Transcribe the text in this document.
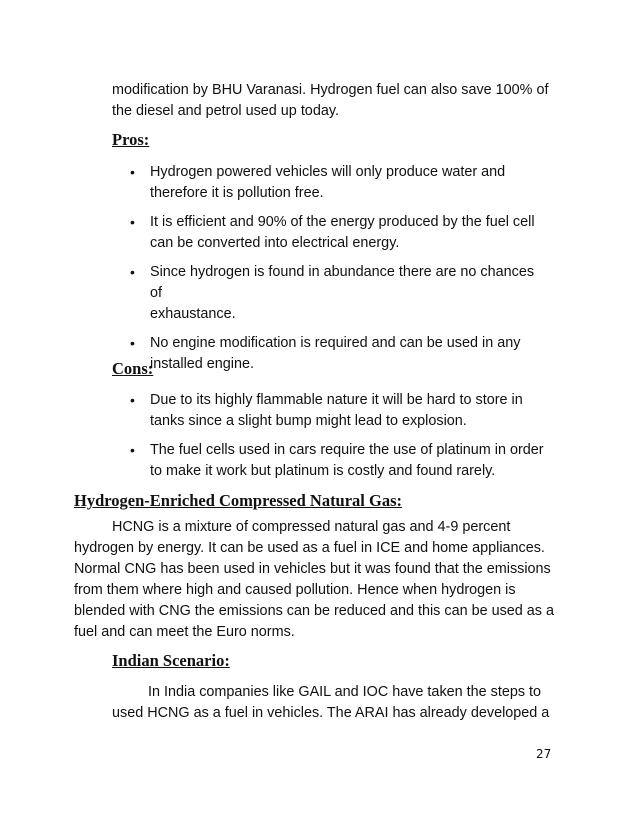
modification by BHU Varanasi. Hydrogen fuel can also save 100% of
the diesel and petrol used up today.
Pros:
• Hydrogen powered vehicles will only produce water and
therefore it is pollution free.
• It is efficient and 90% of the energy produced by the fuel cell
can be converted into electrical energy.
• Since hydrogen is found in abundance there are no chances of
exhaustance.
• No engine modification is required and can be used in any
installed engine.
Cons:
• Due to its highly flammable nature it will be hard to store in
tanks since a slight bump might lead to explosion.
• The fuel cells used in cars require the use of platinum in order
to make it work but platinum is costly and found rarely.
Hydrogen-Enriched Compressed Natural Gas:
HCNG is a mixture of compressed natural gas and 4-9 percent
hydrogen by energy. It can be used as a fuel in ICE and home appliances.
Normal CNG has been used in vehicles but it was found that the emissions
from them where high and caused pollution. Hence when hydrogen is
blended with CNG the emissions can be reduced and this can be used as a
fuel and can meet the Euro norms.
Indian Scenario:
In India companies like GAIL and IOC have taken the steps to
used HCNG as a fuel in vehicles. The ARAI has already developed a
27
